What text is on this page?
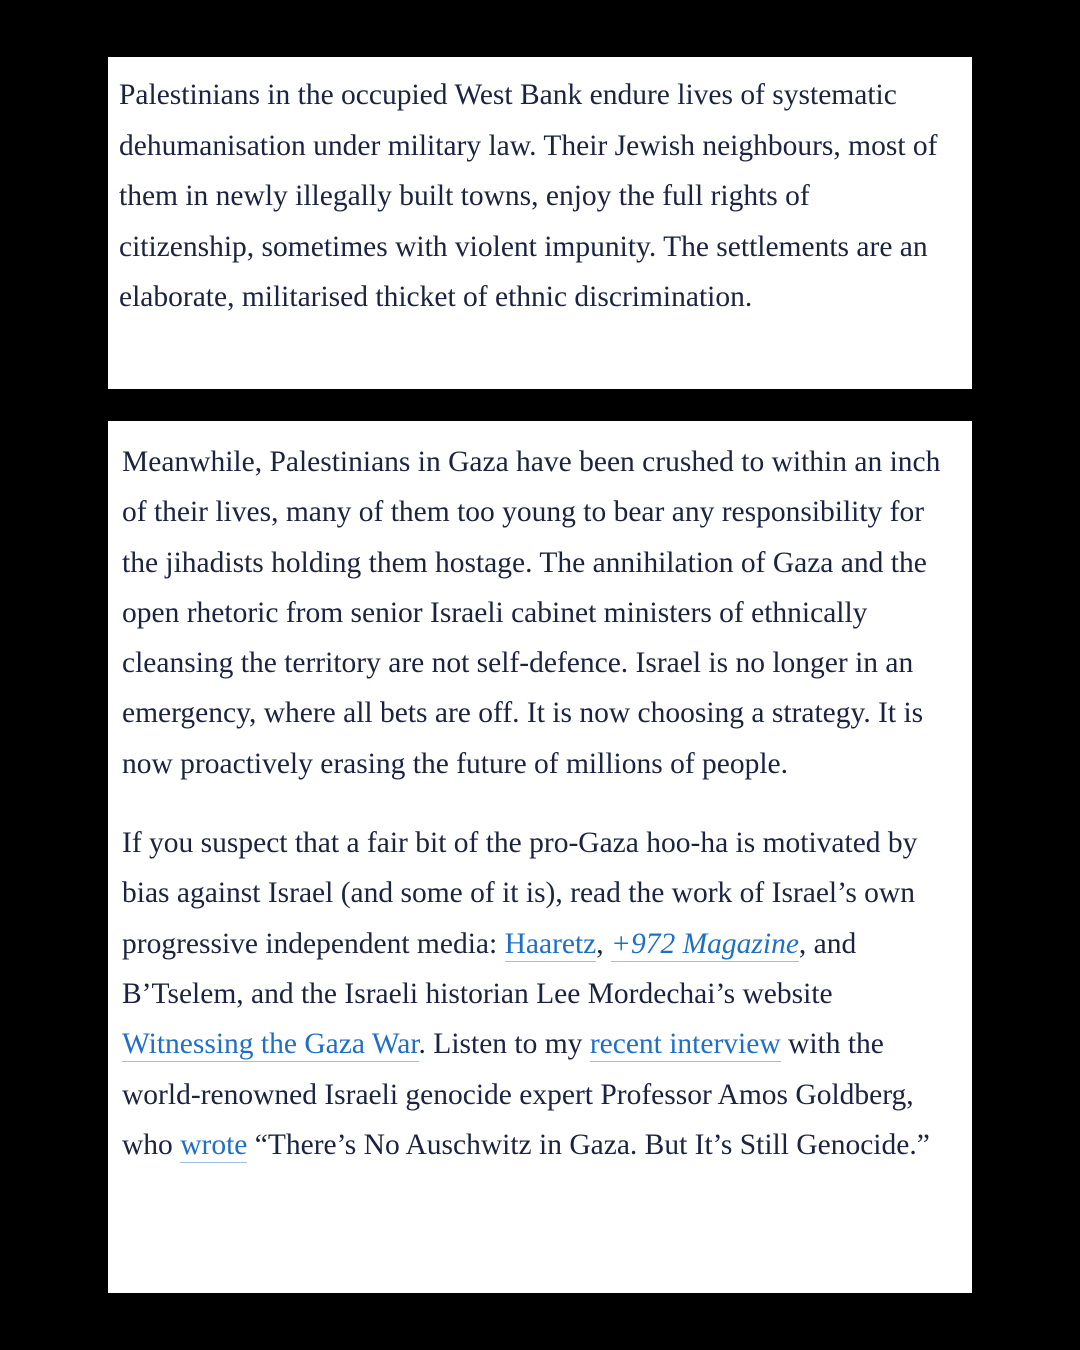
Palestinians in the occupied West Bank endure lives of systematic dehumanisation under military law. Their Jewish neighbours, most of them in newly illegally built towns, enjoy the full rights of citizenship, sometimes with violent impunity. The settlements are an elaborate, militarised thicket of ethnic discrimination.

Meanwhile, Palestinians in Gaza have been crushed to within an inch of their lives, many of them too young to bear any responsibility for the jihadists holding them hostage. The annihilation of Gaza and the open rhetoric from senior Israeli cabinet ministers of ethnically cleansing the territory are not self-defence. Israel is no longer in an emergency, where all bets are off. It is now choosing a strategy. It is now proactively erasing the future of millions of people.

If you suspect that a fair bit of the pro-Gaza hoo-ha is motivated by bias against Israel (and some of it is), read the work of Israel’s own progressive independent media: Haaretz, +972 Magazine, and B’Tselem, and the Israeli historian Lee Mordechai’s website Witnessing the Gaza War. Listen to my recent interview with the world-renowned Israeli genocide expert Professor Amos Goldberg, who wrote “There’s No Auschwitz in Gaza. But It’s Still Genocide.”
